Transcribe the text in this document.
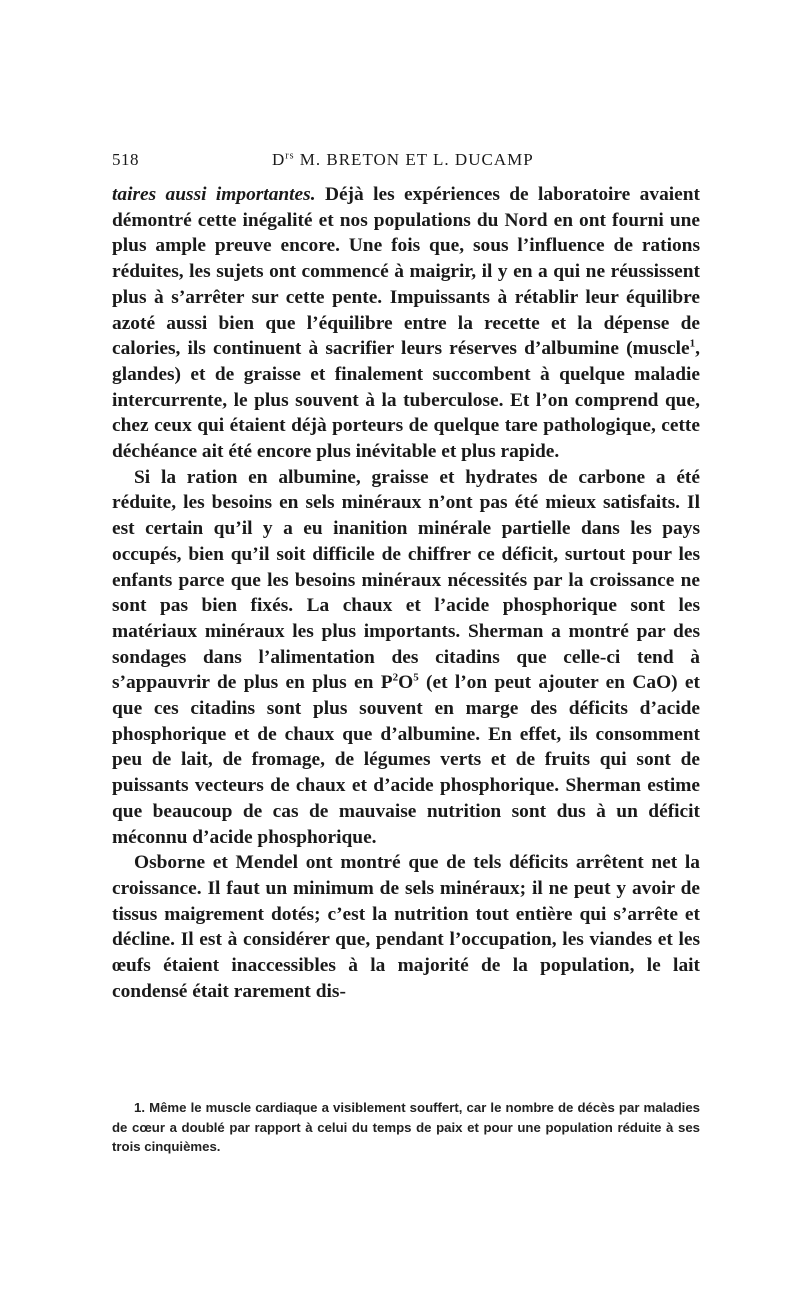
518	$D^{rs}$ M. BRETON ET L. DUCAMP

taires aussi importantes. Déjà les expériences de laboratoire avaient démontré cette inégalité et nos populations du Nord en ont fourni une plus ample preuve encore. Une fois que, sous l’influence de rations réduites, les sujets ont commencé à maigrir, il y en a qui ne réussissent plus à s’arrêter sur cette pente. Impuissants à rétablir leur équilibre azoté aussi bien que l’équilibre entre la recette et la dépense de calories, ils continuent à sacrifier leurs réserves d’albumine (muscle$^1$, glandes) et de graisse et finalement succombent à quelque maladie intercurrente, le plus souvent à la tuberculose. Et l’on comprend que, chez ceux qui étaient déjà porteurs de quelque tare pathologique, cette déchéance ait été encore plus inévitable et plus rapide.

Si la ration en albumine, graisse et hydrates de carbone a été réduite, les besoins en sels minéraux n’ont pas été mieux satisfaits. Il est certain qu’il y a eu inanition minérale partielle dans les pays occupés, bien qu’il soit difficile de chiffrer ce déficit, surtout pour les enfants parce que les besoins minéraux nécessités par la croissance ne sont pas bien fixés. La chaux et l’acide phosphorique sont les matériaux minéraux les plus importants. Sherman a montré par des sondages dans l’alimentation des citadins que celle-ci tend à s’appauvrir de plus en plus en $P^2O^5$ (et l’on peut ajouter en CaO) et que ces citadins sont plus souvent en marge des déficits d’acide phosphorique et de chaux que d’albumine. En effet, ils consomment peu de lait, de fromage, de légumes verts et de fruits qui sont de puissants vecteurs de chaux et d’acide phosphorique. Sherman estime que beaucoup de cas de mauvaise nutrition sont dus à un déficit méconnu d’acide phosphorique.

Osborne et Mendel ont montré que de tels déficits arrêtent net la croissance. Il faut un minimum de sels minéraux; il ne peut y avoir de tissus maigrement dotés; c’est la nutrition tout entière qui s’arrête et décline. Il est à considérer que, pendant l’occupation, les viandes et les œufs étaient inaccessibles à la majorité de la population, le lait condensé était rarement dis-

1. Même le muscle cardiaque a visiblement souffert, car le nombre de décès par maladies de cœur a doublé par rapport à celui du temps de paix et pour une population réduite à ses trois cinquièmes.
